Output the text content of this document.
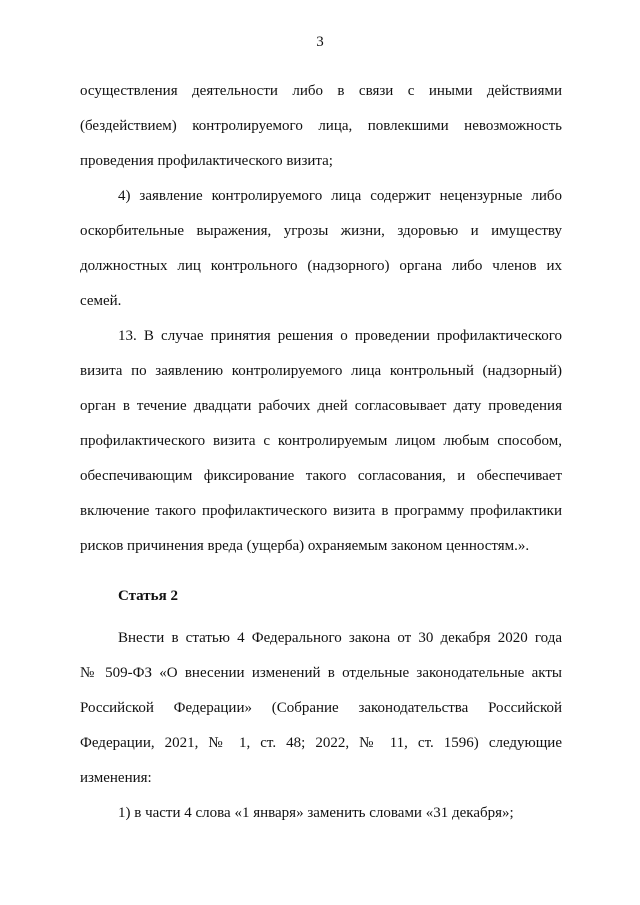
3

осуществления деятельности либо в связи с иными действиями
(бездействием) контролируемого лица, повлекшими невозможность
проведения профилактического визита;

4) заявление контролируемого лица содержит нецензурные либо
оскорбительные выражения, угрозы жизни, здоровью и имуществу
должностных лиц контрольного (надзорного) органа либо членов их
семей.

13. В случае принятия решения о проведении профилактического
визита по заявлению контролируемого лица контрольный (надзорный)
орган в течение двадцати рабочих дней согласовывает дату проведения
профилактического визита с контролируемым лицом любым способом,
обеспечивающим фиксирование такого согласования, и обеспечивает
включение такого профилактического визита в программу профилактики
рисков причинения вреда (ущерба) охраняемым законом ценностям.».

Статья 2

Внести в статью 4 Федерального закона от 30 декабря 2020 года
№ 509-ФЗ «О внесении изменений в отдельные законодательные акты
Российской Федерации» (Собрание законодательства Российской
Федерации, 2021, № 1, ст. 48; 2022, № 11, ст. 1596) следующие
изменения:

1) в части 4 слова «1 января» заменить словами «31 декабря»;
